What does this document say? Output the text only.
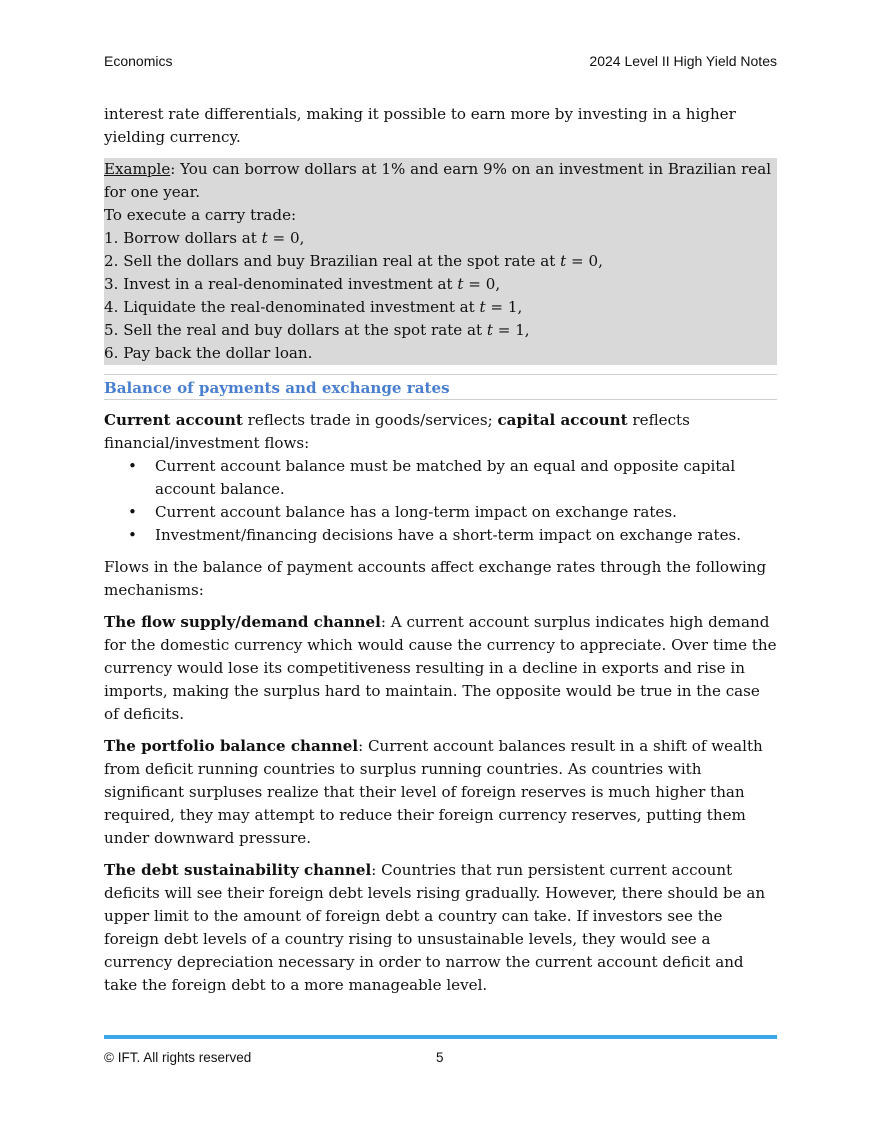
Economics	2024 Level II High Yield Notes

interest rate differentials, making it possible to earn more by investing in a higher yielding currency.

Example: You can borrow dollars at 1% and earn 9% on an investment in Brazilian real for one year.

To execute a carry trade:

1. Borrow dollars at t = 0,

2. Sell the dollars and buy Brazilian real at the spot rate at t = 0,

3. Invest in a real-denominated investment at t = 0,

4. Liquidate the real-denominated investment at t = 1,

5. Sell the real and buy dollars at the spot rate at t = 1,

6. Pay back the dollar loan.

Balance of payments and exchange rates

Current account reflects trade in goods/services; capital account reflects financial/investment flows:

• Current account balance must be matched by an equal and opposite capital account balance.
• Current account balance has a long-term impact on exchange rates.
• Investment/financing decisions have a short-term impact on exchange rates.

Flows in the balance of payment accounts affect exchange rates through the following mechanisms:

The flow supply/demand channel: A current account surplus indicates high demand for the domestic currency which would cause the currency to appreciate. Over time the currency would lose its competitiveness resulting in a decline in exports and rise in imports, making the surplus hard to maintain. The opposite would be true in the case of deficits.

The portfolio balance channel: Current account balances result in a shift of wealth from deficit running countries to surplus running countries. As countries with significant surpluses realize that their level of foreign reserves is much higher than required, they may attempt to reduce their foreign currency reserves, putting them under downward pressure.

The debt sustainability channel: Countries that run persistent current account deficits will see their foreign debt levels rising gradually. However, there should be an upper limit to the amount of foreign debt a country can take. If investors see the foreign debt levels of a country rising to unsustainable levels, they would see a currency depreciation necessary in order to narrow the current account deficit and take the foreign debt to a more manageable level.

© IFT. All rights reserved	5
